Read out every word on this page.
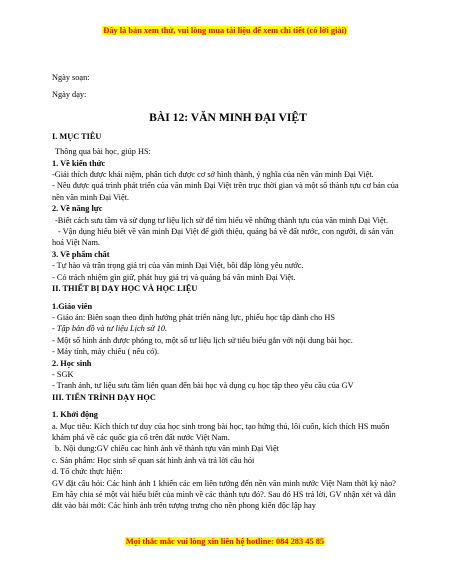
Đây là bản xem thử, vui lòng mua tài liệu để xem chi tiết (có lời giải)
Ngày soạn:
Ngày dạy:
BÀI 12: VĂN MINH ĐẠI VIỆT
I. MỤC TIÊU
Thông qua bài học, giúp HS:
1. Về kiến thức
-Giải thích được khái niệm, phân tích được cơ sở hình thành, ý nghĩa của nền văn minh Đại Việt.
- Nêu được quá trình phát triển của văn minh Đại Việt trên trục thời gian và một số thành tựu cơ bản của nền văn minh Đại Việt.
2. Về năng lực
-Biết cách sưu tầm và sử dụng tư liệu lịch sử để tìm hiểu về những thành tựu của văn minh Đại Việt.
- Vận dụng hiểu biết về văn minh Đại Việt để giới thiệu, quảng bá về đất nước, con người, di sản văn hoá Việt Nam.
3. Về phẩm chất
- Tự hào và trân trọng giá trị của văn minh Đại Việt, bồi đắp lòng yêu nước.
- Có trách nhiệm gìn giữ, phát huy giá trị và quảng bá văn minh Đại Việt.
II. THIẾT BỊ DẠY HỌC VÀ HỌC LIỆU
1.Giáo viên
- Giáo án: Biên soạn theo định hướng phát triển năng lực, phiếu học tập dành cho HS
- Tập bản đồ và tư liệu Lịch sử 10.
- Một số hình ảnh được phóng to, một số tư liệu lịch sử tiêu biểu gắn với nội dung bài học.
- Máy tính, máy chiếu ( nếu có).
2. Học sinh
- SGK
- Tranh ảnh, tư liệu sưu tầm liên quan đến bài học và dụng cụ học tập theo yêu cầu của GV
III. TIẾN TRÌNH DẠY HỌC
1. Khởi động
a. Mục tiêu: Kích thích tư duy của học sinh trong bài học, tạo hứng thú, lôi cuốn, kích thích HS muốn khám phá về các quốc gia cổ trên đất nước Việt Nam.
b. Nội dung:GV chiếu cac hình ảnh về thành tựu văn minh Đại Việt
c. Sản phẩm: Học sinh sẽ quan sát hình ảnh và trả lời câu hỏi
d. Tổ chức thực hiện:
GV đặt câu hỏi: Các hình ảnh 1 khiến các em liên tưởng đến nền văn minh nước Việt Nam thời kỳ nào? Em hãy chia sẻ một vài hiểu biết của mình về các thành tựu đó?. Sau đó HS trả lời, GV nhận xét và dẫn dắt vào bài mới: Các hình ảnh trên tượng trưng cho nền phong kiến độc lập hay
Mọi thắc mắc vui lòng xin liên hệ hotline: 084 283 45 85
